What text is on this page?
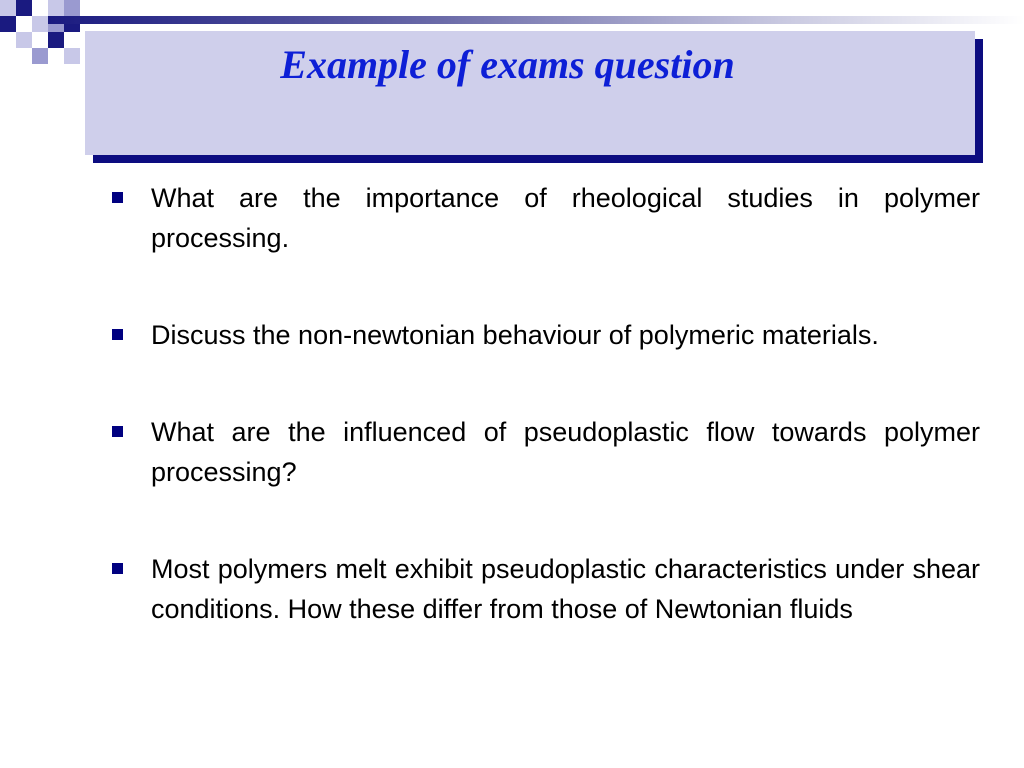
Example of exams question
What are the importance of rheological studies in polymer processing.
Discuss the non-newtonian behaviour of polymeric materials.
What are the influenced of pseudoplastic flow towards polymer processing?
Most polymers melt exhibit pseudoplastic characteristics under shear conditions. How these differ from those of Newtonian fluids
